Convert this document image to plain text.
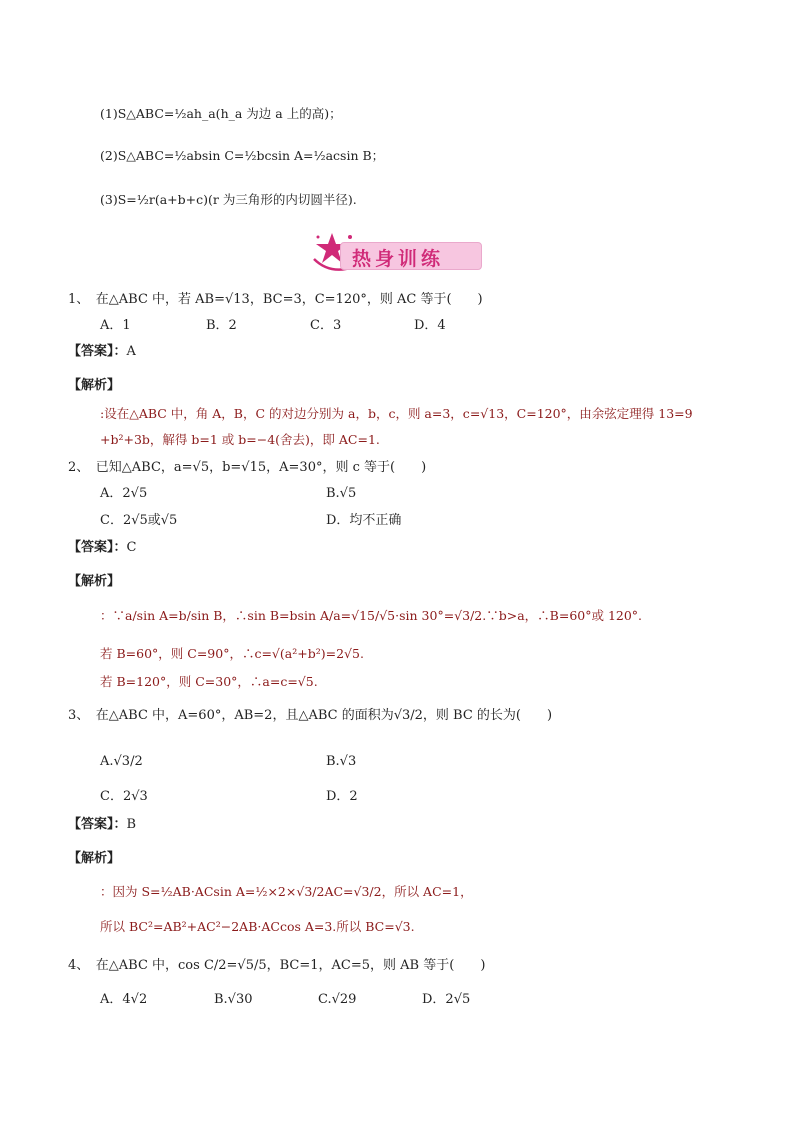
(1)S△ABC=½ah_a(h_a 为边 a 上的高)；
(2)S△ABC=½absin C=½bcsin A=½acsin B；
(3)S=½r(a+b+c)(r 为三角形的内切圆半径).
热身训练
1、　在△ABC 中，若 AB=√13，BC=3，C=120°，则 AC 等于(　　)
A．1	B．2	C．3	D．4
【答案】：A
【解析】
:设在△ABC 中，角 A，B，C 的对边分别为 a，b，c，则 a=3，c=√13，C=120°，由余弦定理得 13=9
+b²+3b，解得 b=1 或 b=−4(舍去)，即 AC=1.
2、　已知△ABC，a=√5，b=√15，A=30°，则 c 等于(　　)
A．2√5	B.√5
C．2√5或√5	D．均不正确
【答案】：C
【解析】
：∵a/sin A=b/sin B，∴sin B=bsin A/a=√15/√5·sin 30°=√3/2.∵b>a，∴B=60°或 120°.
若 B=60°，则 C=90°，∴c=√(a²+b²)=2√5.
若 B=120°，则 C=30°，∴a=c=√5.
3、　在△ABC 中，A=60°，AB=2，且△ABC 的面积为√3/2，则 BC 的长为(　　)
A.√3/2	B.√3
C．2√3	D．2
【答案】：B
【解析】
：因为 S=½AB·ACsin A=½×2×√3/2AC=√3/2，所以 AC=1，
所以 BC²=AB²+AC²−2AB·ACcos A=3.所以 BC=√3.
4、　在△ABC 中，cos C/2=√5/5，BC=1，AC=5，则 AB 等于(　　)
A．4√2	B.√30	C.√29	D．2√5
